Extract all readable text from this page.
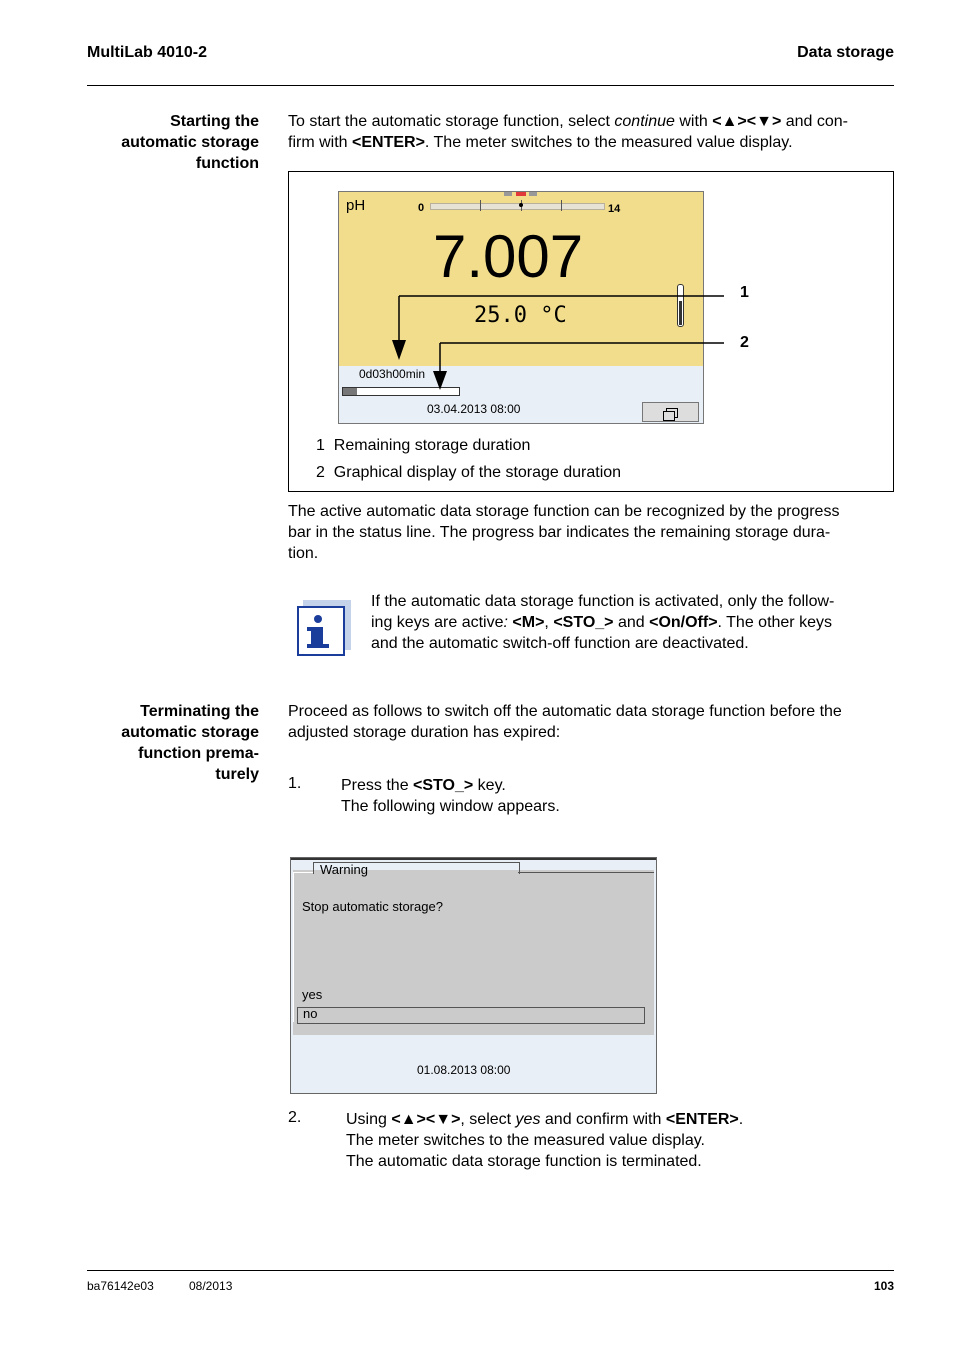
MultiLab 4010-2	Data storage
Starting the
automatic storage
function
To start the automatic storage function, select continue with <▲><▼> and con-
firm with <ENTER>. The meter switches to the measured value display.
pH	0	14
7.007
25.0 °C
0d03h00min
03.04.2013 08:00
1
2
1 Remaining storage duration
2 Graphical display of the storage duration
The active automatic data storage function can be recognized by the progress
bar in the status line. The progress bar indicates the remaining storage dura-
tion.
If the automatic data storage function is activated, only the follow-
ing keys are active: <M>, <STO_> and <On/Off>. The other keys
and the automatic switch-off function are deactivated.
Terminating the
automatic storage
function prema-
turely
Proceed as follows to switch off the automatic data storage function before the
adjusted storage duration has expired:
1. Press the <STO_> key.
The following window appears.
Warning
Stop automatic storage?
yes
no
01.08.2013 08:00
2.	Using <▲><▼>, select yes and confirm with <ENTER>.
The meter switches to the measured value display.
The automatic data storage function is terminated.
ba76142e03	08/2013	103
